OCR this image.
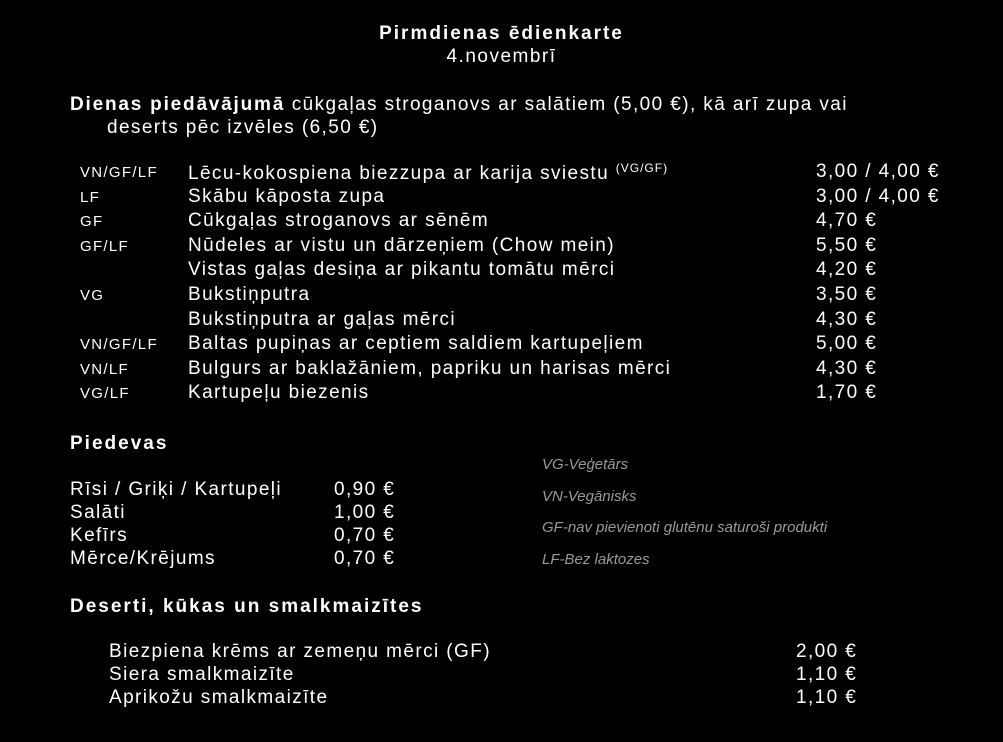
Pirmdienas ēdienkarte
4.novembrī
Dienas piedāvājumā cūkgaļas stroganovs ar salātiem (5,00 €), kā arī zupa vai
deserts pēc izvēles (6,50 €)
VN/GF/LF Lēcu-kokospiena biezzupa ar karija sviestu $^{(VG/GF)}$	3,00 / 4,00 €
LF	Skābu kāposta zupa	3,00 / 4,00 €
GF	Cūkgaļas stroganovs ar sēnēm	4,70 €
GF/LF	Nūdeles ar vistu un dārzeņiem (Chow mein)	5,50 €
Vistas gaļas desiņa ar pikantu tomātu mērci	4,20 €
VG	Bukstiņputra	3,50 €
Bukstiņputra ar gaļas mērci	4,30 €
VN/GF/LF Baltas pupiņas ar ceptiem saldiem kartupeļiem	5,00 €
VN/LF	Bulgurs ar baklažāniem, papriku un harisas mērci	4,30 €
VG/LF	Kartupeļu biezenis	1,70 €
Piedevas
Rīsi / Griķi / Kartupeļi	0,90 €
Salāti	1,00 €
Kefīrs	0,70 €
Mērce/Krējums	0,70 €
VG-Veģetārs
VN-Vegānisks
GF-nav pievienoti glutēnu saturoši produkti
LF-Bez laktozes
Deserti, kūkas un smalkmaizītes
Biezpiena krēms ar zemeņu mērci (GF)	2,00 €
Siera smalkmaizīte	1,10 €
Aprikožu smalkmaizīte	1,10 €
